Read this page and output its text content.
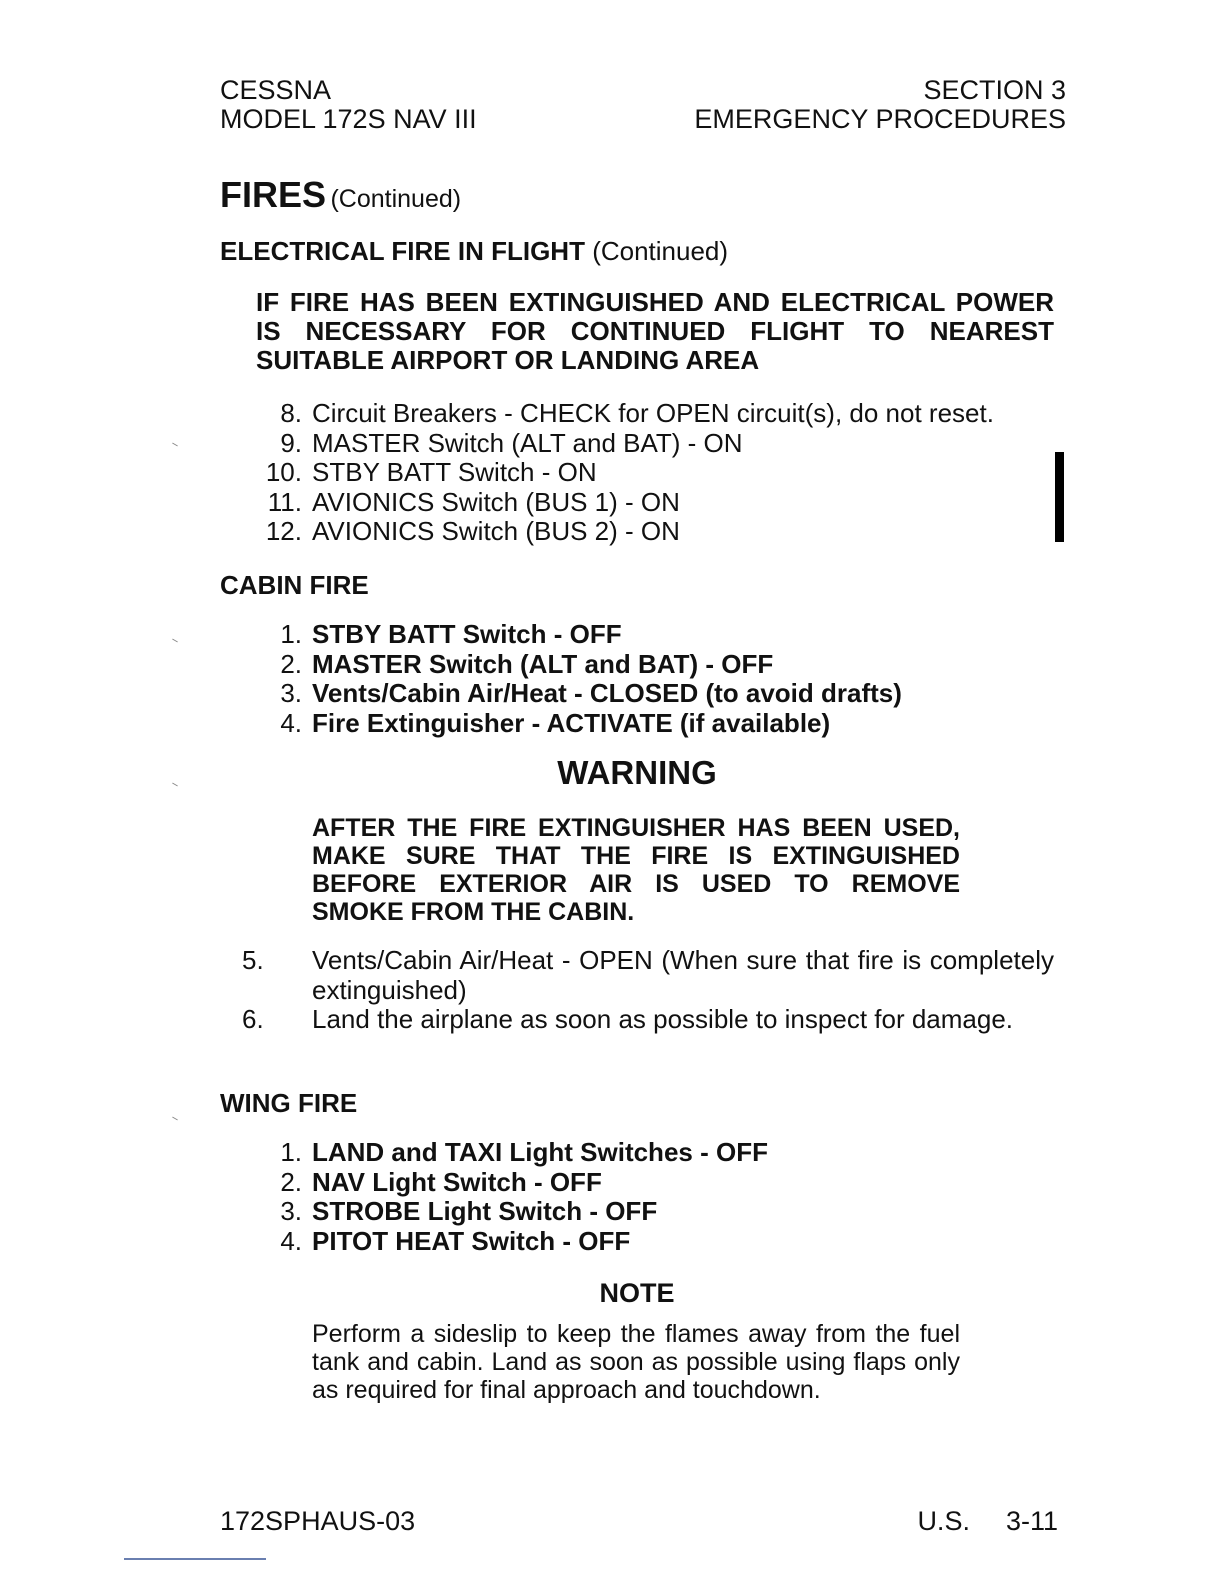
CESSNA
MODEL 172S NAV III
SECTION 3
EMERGENCY PROCEDURES
FIRES (Continued)
ELECTRICAL FIRE IN FLIGHT (Continued)
IF FIRE HAS BEEN EXTINGUISHED AND ELECTRICAL POWER IS NECESSARY FOR CONTINUED FLIGHT TO NEAREST SUITABLE AIRPORT OR LANDING AREA
8. Circuit Breakers - CHECK for OPEN circuit(s), do not reset.
9. MASTER Switch (ALT and BAT) - ON
10. STBY BATT Switch - ON
11. AVIONICS Switch (BUS 1) - ON
12. AVIONICS Switch (BUS 2) - ON
CABIN FIRE
1. STBY BATT Switch - OFF
2. MASTER Switch (ALT and BAT) - OFF
3. Vents/Cabin Air/Heat - CLOSED (to avoid drafts)
4. Fire Extinguisher - ACTIVATE (if available)
WARNING
AFTER THE FIRE EXTINGUISHER HAS BEEN USED, MAKE SURE THAT THE FIRE IS EXTINGUISHED BEFORE EXTERIOR AIR IS USED TO REMOVE SMOKE FROM THE CABIN.
5.	Vents/Cabin Air/Heat - OPEN (When sure that fire is completely extinguished)
6.	Land the airplane as soon as possible to inspect for damage.
WING FIRE
1. LAND and TAXI Light Switches - OFF
2. NAV Light Switch - OFF
3. STROBE Light Switch - OFF
4. PITOT HEAT Switch - OFF
NOTE
Perform a sideslip to keep the flames away from the fuel tank and cabin. Land as soon as possible using flaps only as required for final approach and touchdown.
172SPHAUS-03	U.S. 3-11
